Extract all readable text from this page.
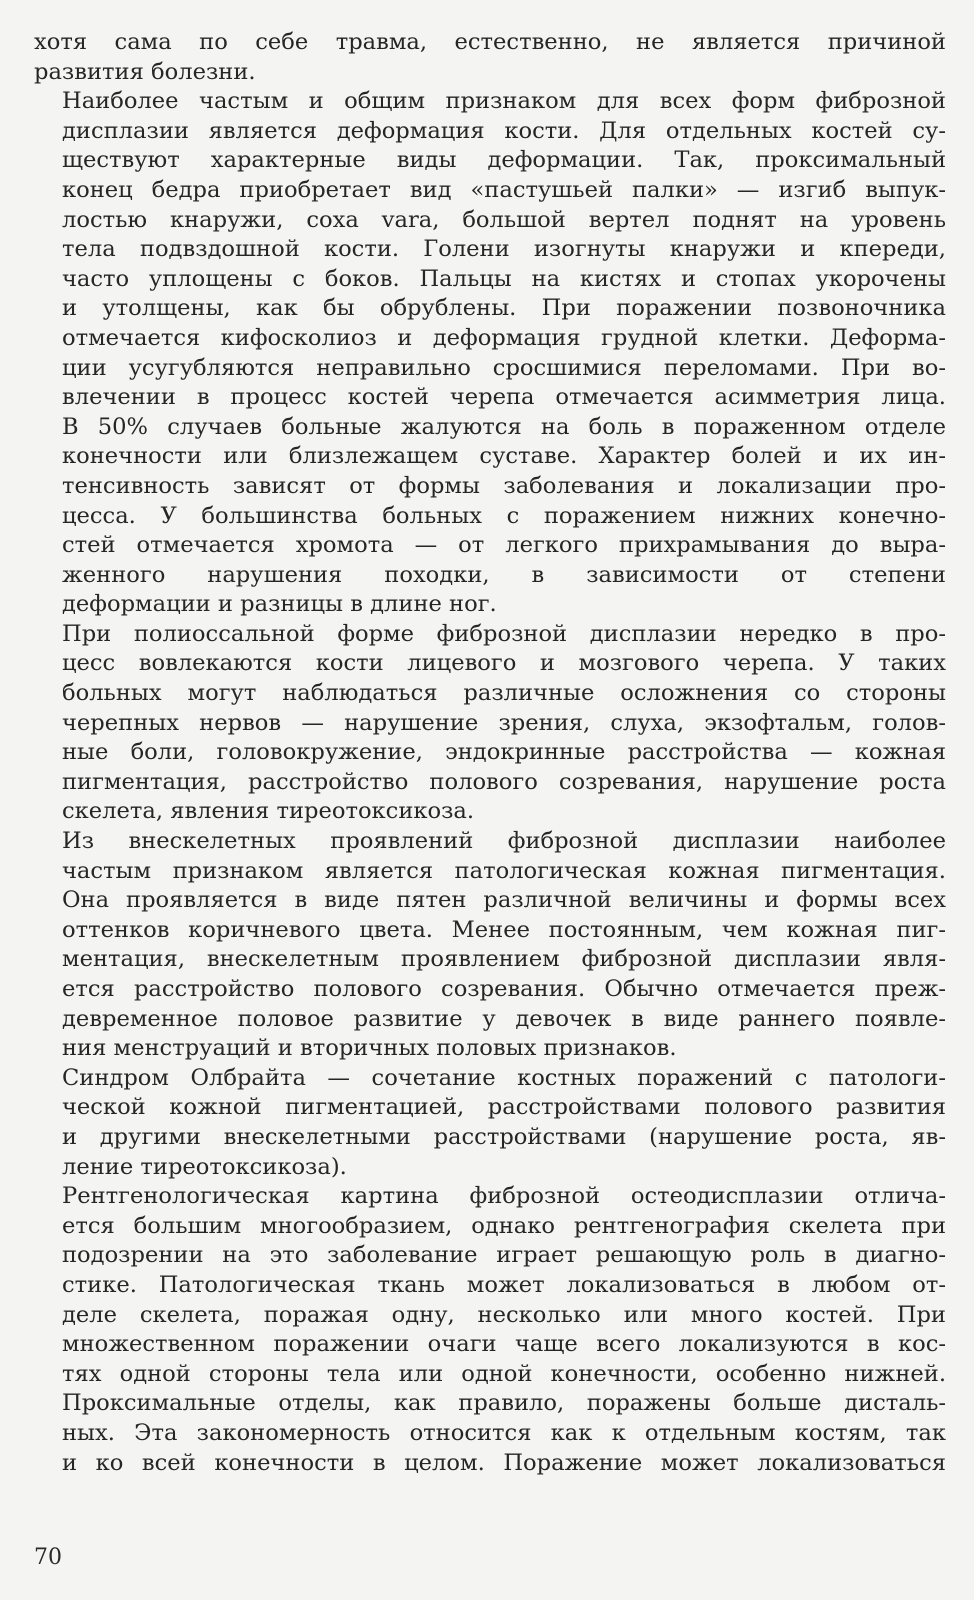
хотя сама по себе травма, естественно, не является причиной
развития болезни.

Наиболее частым и общим признаком для всех форм фиброзной
дисплазии является деформация кости. Для отдельных костей су-
ществуют характерные виды деформации. Так, проксимальный
конец бедра приобретает вид «пастушьей палки» — изгиб выпук-
лостью кнаружи, coxa vara, большой вертел поднят на уровень
тела подвздошной кости. Голени изогнуты кнаружи и кпереди,
часто уплощены с боков. Пальцы на кистях и стопах укорочены
и утолщены, как бы обрублены. При поражении позвоночника
отмечается кифосколиоз и деформация грудной клетки. Деформа-
ции усугубляются неправильно сросшимися переломами. При во-
влечении в процесс костей черепа отмечается асимметрия лица.
В 50% случаев больные жалуются на боль в пораженном отделе
конечности или близлежащем суставе. Характер болей и их ин-
тенсивность зависят от формы заболевания и локализации про-
цесса. У большинства больных с поражением нижних конечно-
стей отмечается хромота — от легкого прихрамывания до выра-
женного нарушения походки, в зависимости от степени
деформации и разницы в длине ног.

При полиоссальной форме фиброзной дисплазии нередко в про-
цесс вовлекаются кости лицевого и мозгового черепа. У таких
больных могут наблюдаться различные осложнения со стороны
черепных нервов — нарушение зрения, слуха, экзофтальм, голов-
ные боли, головокружение, эндокринные расстройства — кожная
пигментация, расстройство полового созревания, нарушение роста
скелета, явления тиреотоксикоза.

Из внескелетных проявлений фиброзной дисплазии наиболее
частым признаком является патологическая кожная пигментация.
Она проявляется в виде пятен различной величины и формы всех
оттенков коричневого цвета. Менее постоянным, чем кожная пиг-
ментация, внескелетным проявлением фиброзной дисплазии явля-
ется расстройство полового созревания. Обычно отмечается преж-
девременное половое развитие у девочек в виде раннего появле-
ния менструаций и вторичных половых признаков.

Синдром Олбрайта — сочетание костных поражений с патологи-
ческой кожной пигментацией, расстройствами полового развития
и другими внескелетными расстройствами (нарушение роста, яв-
ление тиреотоксикоза).

Рентгенологическая картина фиброзной остеодисплазии отлича-
ется большим многообразием, однако рентгенография скелета при
подозрении на это заболевание играет решающую роль в диагно-
стике. Патологическая ткань может локализоваться в любом от-
деле скелета, поражая одну, несколько или много костей. При
множественном поражении очаги чаще всего локализуются в кос-
тях одной стороны тела или одной конечности, особенно нижней.
Проксимальные отделы, как правило, поражены больше дисталь-
ных. Эта закономерность относится как к отдельным костям, так
и ко всей конечности в целом. Поражение может локализоваться

70
